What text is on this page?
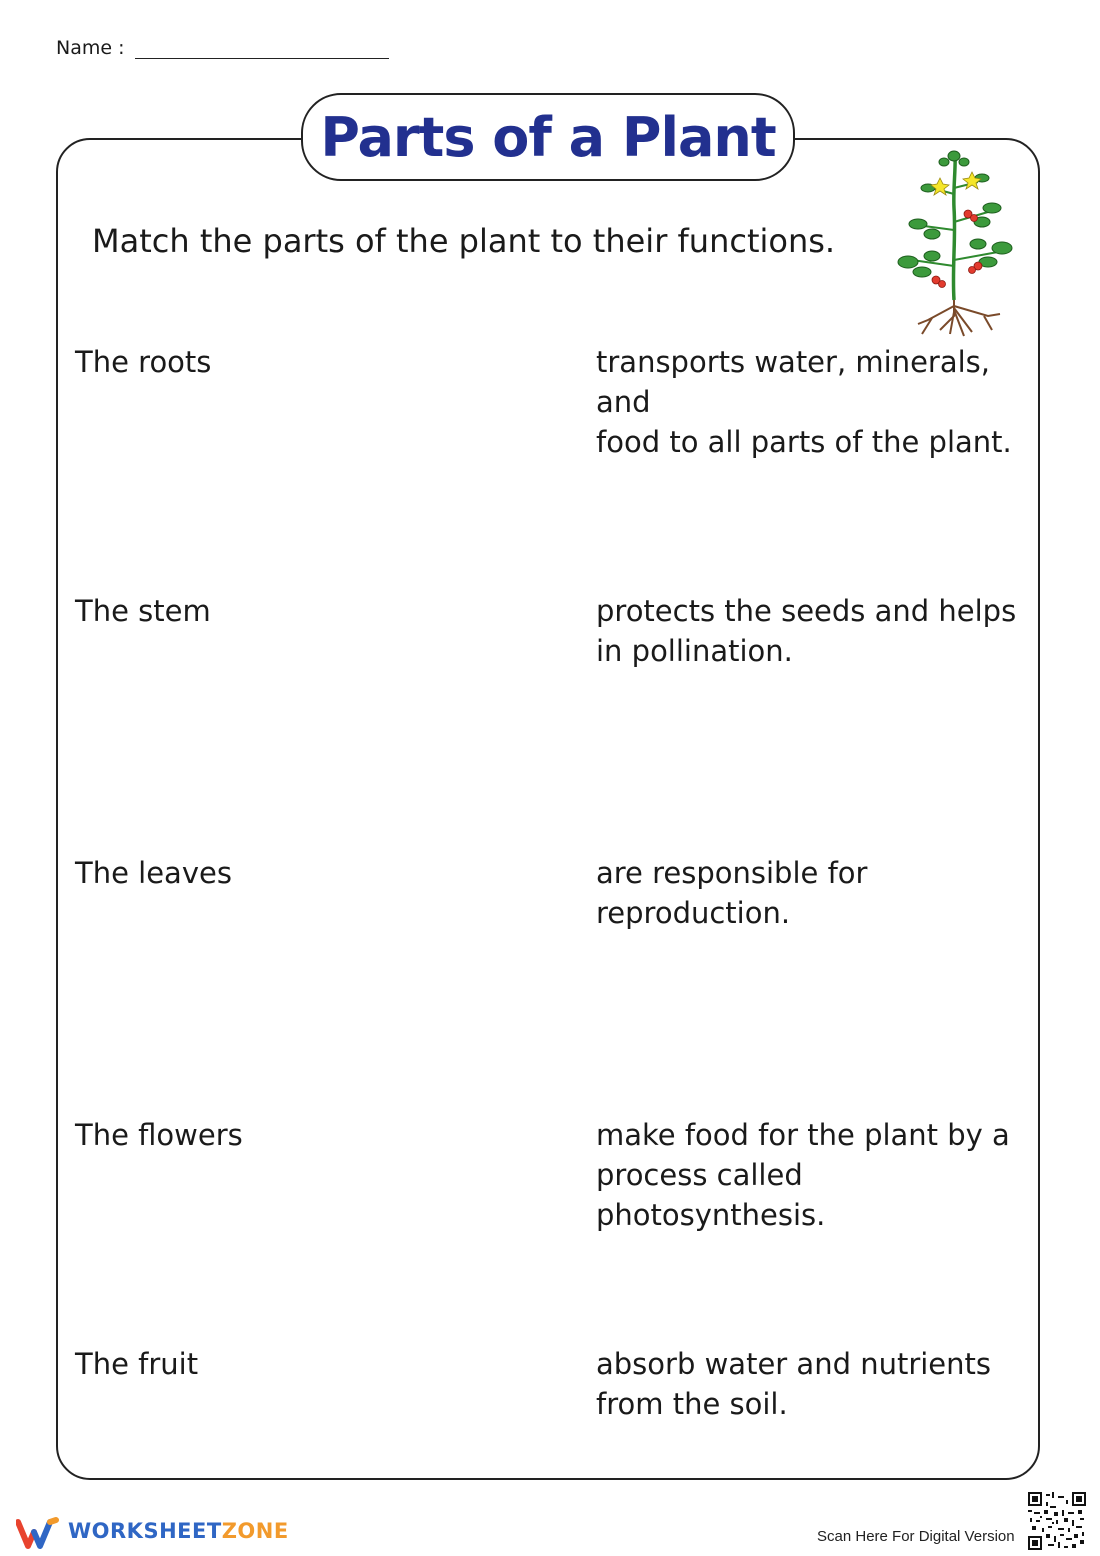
Name :
Parts of a Plant

Match the parts of the plant to their functions.

The roots
The stem
The leaves
The flowers
The fruit
transports water, minerals, and
food to all parts of the plant.
protects the seeds and helps
in pollination.
are responsible for
reproduction.
make food for the plant by a
process called photosynthesis.
absorb water and nutrients
from the soil.
WORKSHEETZONE	Scan Here For Digital Version
